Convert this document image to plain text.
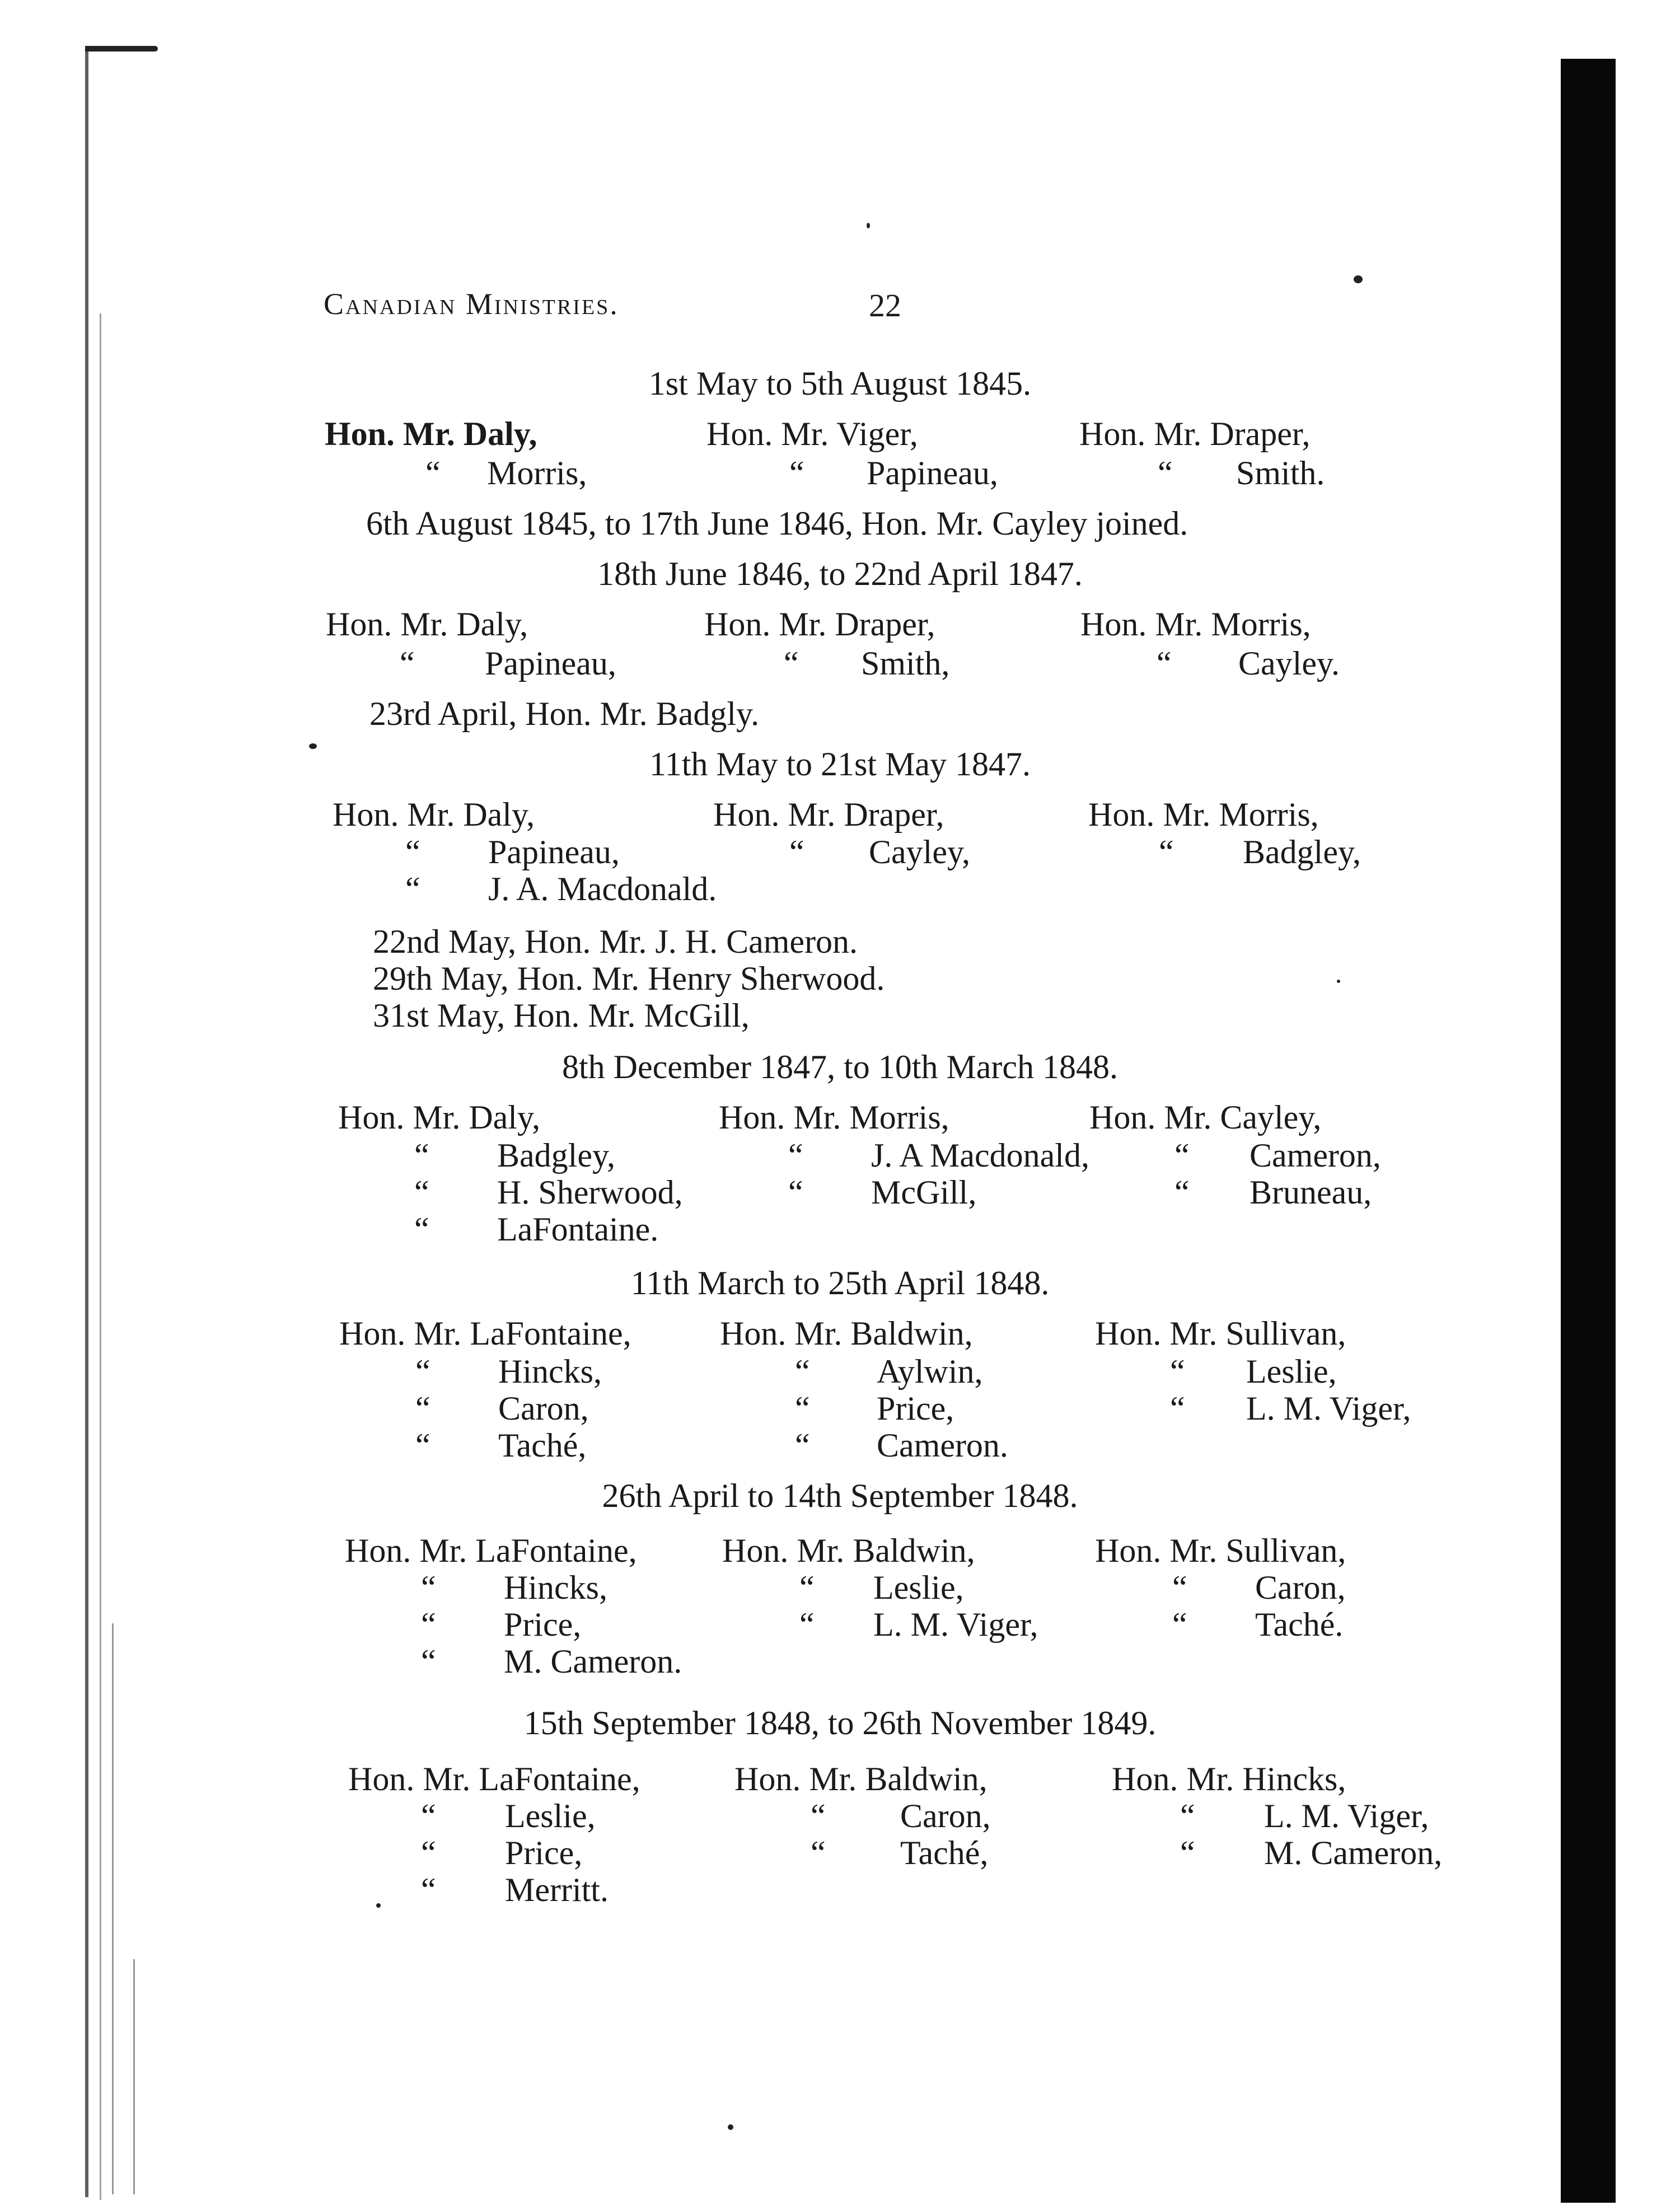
Canadian Ministries.	22
1st May to 5th August 1845.
Hon. Mr. Daly,	Hon. Mr. Viger,	Hon. Mr. Draper,
“ Morris,	“ Papineau,	“ Smith.
6th August 1845, to 17th June 1846, Hon. Mr. Cayley joined.
18th June 1846, to 22nd April 1847.
Hon. Mr. Daly,	Hon. Mr. Draper,	Hon. Mr. Morris,
“ Papineau,	“ Smith,	“ Cayley.
23rd April, Hon. Mr. Badgly.
11th May to 21st May 1847.
Hon. Mr. Daly,	Hon. Mr. Draper,	Hon. Mr. Morris,
“ Papineau,	“ Cayley,	“ Badgley,
“ J. A. Macdonald.
22nd May, Hon. Mr. J. H. Cameron.
29th May, Hon. Mr. Henry Sherwood.
31st May, Hon. Mr. McGill,
8th December 1847, to 10th March 1848.
Hon. Mr. Daly,	Hon. Mr. Morris,	Hon. Mr. Cayley,
“ Badgley,	“ J. A Macdonald,	“ Cameron,
“ H. Sherwood,	“ McGill,	“ Bruneau,
“ LaFontaine.
11th March to 25th April 1848.
Hon. Mr. LaFontaine,	Hon. Mr. Baldwin,	Hon. Mr. Sullivan,
“ Hincks,	“ Aylwin,	“ Leslie,
“ Caron,	“ Price,	“ L. M. Viger,
“ Taché,	“ Cameron.
26th April to 14th September 1848.
Hon. Mr. LaFontaine,	Hon. Mr. Baldwin,	Hon. Mr. Sullivan,
“ Hincks,	“ Leslie,	“ Caron,
“ Price,	“ L. M. Viger,	“ Taché.
“ M. Cameron.
15th September 1848, to 26th November 1849.
Hon. Mr. LaFontaine,	Hon. Mr. Baldwin,	Hon. Mr. Hincks,
“ Leslie,	“ Caron,	“ L. M. Viger,
“ Price,	“ Taché,	“ M. Cameron,
“ Merritt.
